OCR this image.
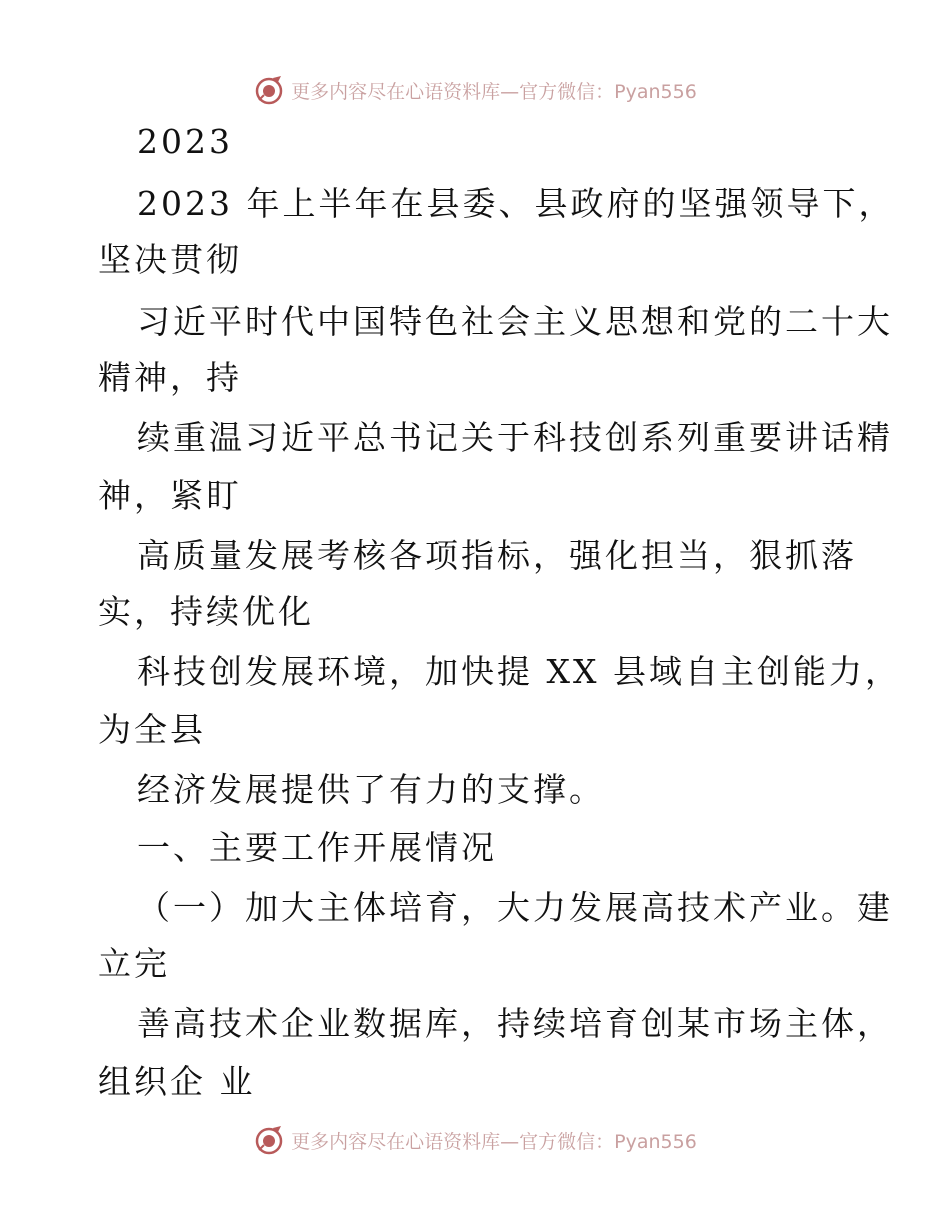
更多内容尽在心语资料库—官方微信：Pyan556
2023
2023 年上半年在县委、县政府的坚强领导下，
坚决贯彻
习近平时代中国特色社会主义思想和党的二十大
精神，持
续重温习近平总书记关于科技创系列重要讲话精
神，紧盯
高质量发展考核各项指标，强化担当，狠抓落
实，持续优化
科技创发展环境，加快提 XX 县域自主创能力，
为全县
经济发展提供了有力的支撑。
一、主要工作开展情况
（一）加大主体培育，大力发展高技术产业。建
立完
善高技术企业数据库，持续培育创某市场主体，
组织企 业
更多内容尽在心语资料库—官方微信：Pyan556
